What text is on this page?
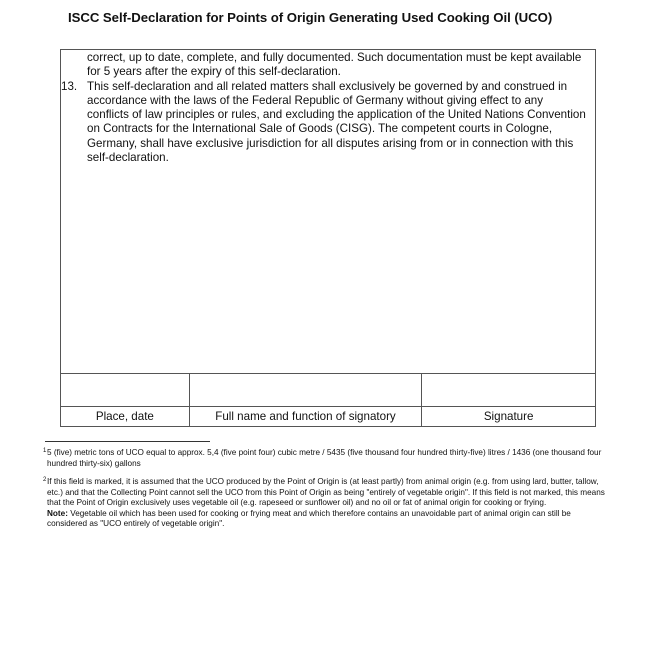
ISCC Self-Declaration for Points of Origin Generating Used Cooking Oil (UCO)

correct, up to date, complete, and fully documented. Such documentation must be kept available for 5 years after the expiry of this self-declaration.

13. This self-declaration and all related matters shall exclusively be governed by and construed in accordance with the laws of the Federal Republic of Germany without giving effect to any conflicts of law principles or rules, and excluding the application of the United Nations Convention on Contracts for the International Sale of Goods (CISG). The competent courts in Cologne, Germany, shall have exclusive jurisdiction for all disputes arising from or in connection with this self-declaration.

Place, date	Full name and function of signatory	Signature
1 5 (five) metric tons of UCO equal to approx. 5,4 (five point four) cubic metre / 5435 (five thousand four hundred thirty-five) litres / 1436 (one thousand four hundred thirty-six) gallons

2 If this field is marked, it is assumed that the UCO produced by the Point of Origin is (at least partly) from animal origin (e.g. from using lard, butter, tallow, etc.) and that the Collecting Point cannot sell the UCO from this Point of Origin as being "entirely of vegetable origin". If this field is not marked, this means that the Point of Origin exclusively uses vegetable oil (e.g. rapeseed or sunflower oil) and no oil or fat of animal origin for cooking or frying.

Note: Vegetable oil which has been used for cooking or frying meat and which therefore contains an unavoidable part of animal origin can still be considered as "UCO entirely of vegetable origin".
